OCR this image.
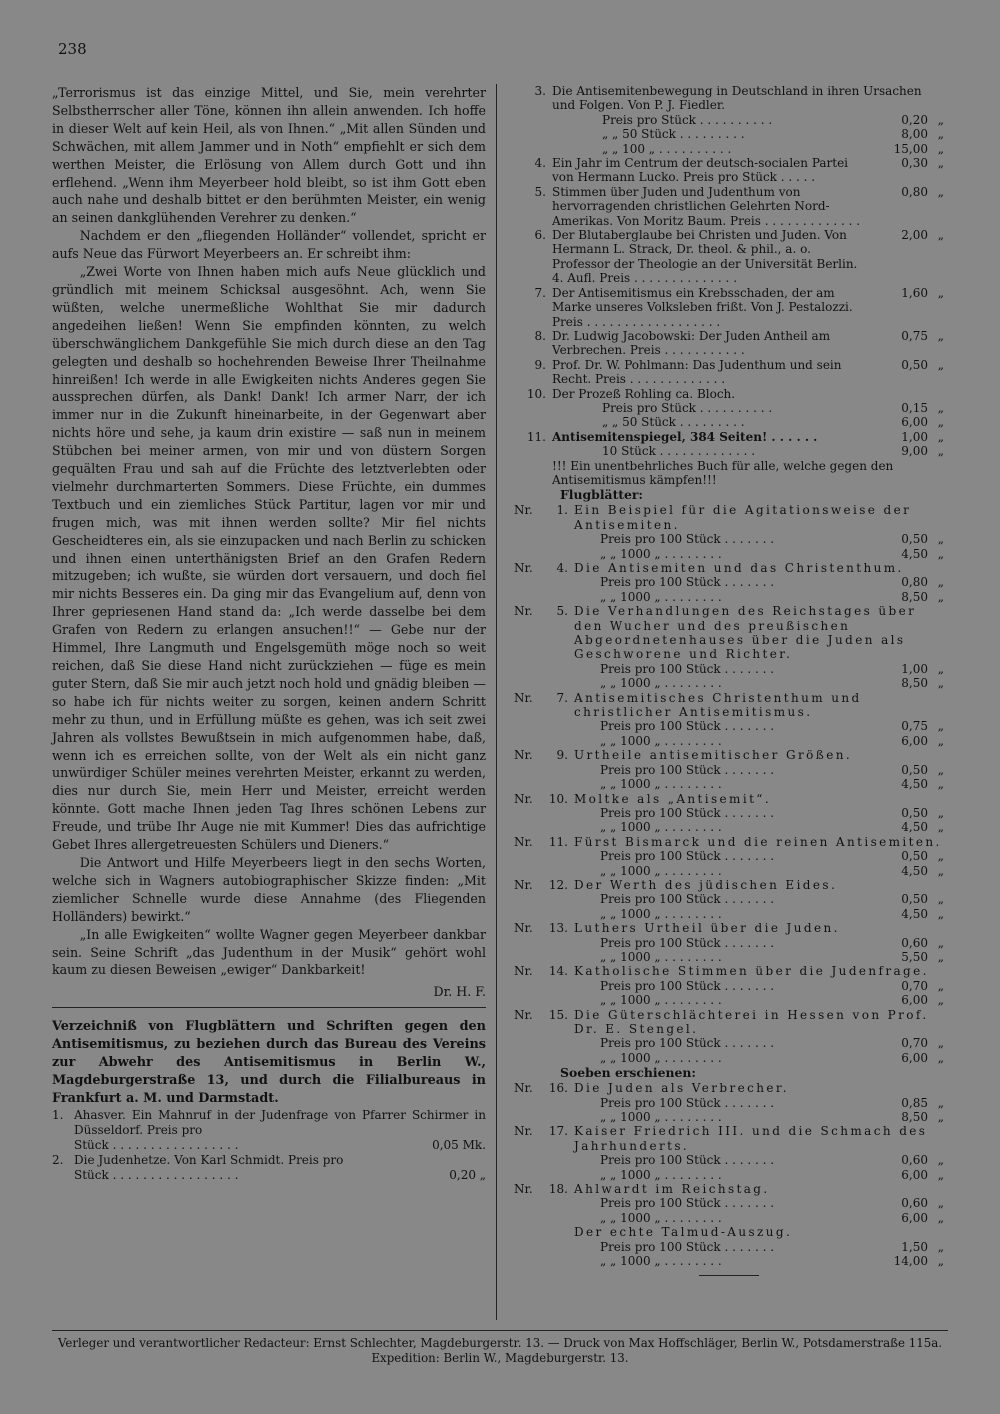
238

„Terrorismus ist das einzige Mittel, und Sie, mein verehrter Selbstherrscher aller Töne, können ihn allein anwenden. Ich hoffe in dieser Welt auf kein Heil, als von Ihnen.“ „Mit allen Sünden und Schwächen, mit allem Jammer und in Noth“ empfiehlt er sich dem werthen Meister, die Erlösung von Allem durch Gott und ihn erflehend. „Wenn ihm Meyerbeer hold bleibt, so ist ihm Gott eben auch nahe und deshalb bittet er den berühmten Meister, ein wenig an seinen dankglühenden Verehrer zu denken.“

Nachdem er den „fliegenden Holländer“ vollendet, spricht er aufs Neue das Fürwort Meyerbeers an. Er schreibt ihm:

„Zwei Worte von Ihnen haben mich aufs Neue glücklich und gründlich mit meinem Schicksal ausgesöhnt. Ach, wenn Sie wüßten, welche unermeßliche Wohlthat Sie mir dadurch angedeihen ließen! Wenn Sie empfinden könnten, zu welch überschwänglichem Dankgefühle Sie mich durch diese an den Tag gelegten und deshalb so hochehrenden Beweise Ihrer Theilnahme hinreißen! Ich werde in alle Ewigkeiten nichts Anderes gegen Sie aussprechen dürfen, als Dank! Dank! Ich armer Narr, der ich immer nur in die Zukunft hineinarbeite, in der Gegenwart aber nichts höre und sehe, ja kaum drin existire — saß nun in meinem Stübchen bei meiner armen, von mir und von düstern Sorgen gequälten Frau und sah auf die Früchte des letztverlebten oder vielmehr durchmarterten Sommers. Diese Früchte, ein dummes Textbuch und ein ziemliches Stück Partitur, lagen vor mir und frugen mich, was mit ihnen werden sollte? Mir fiel nichts Gescheidteres ein, als sie einzupacken und nach Berlin zu schicken und ihnen einen unterthänigsten Brief an den Grafen Redern mitzugeben; ich wußte, sie würden dort versauern, und doch fiel mir nichts Besseres ein. Da ging mir das Evangelium auf, denn von Ihrer gepriesenen Hand stand da: „Ich werde dasselbe bei dem Grafen von Redern zu erlangen ansuchen!!“ — Gebe nur der Himmel, Ihre Langmuth und Engelsgemüth möge noch so weit reichen, daß Sie diese Hand nicht zurückziehen — füge es mein guter Stern, daß Sie mir auch jetzt noch hold und gnädig bleiben — so habe ich für nichts weiter zu sorgen, keinen andern Schritt mehr zu thun, und in Erfüllung müßte es gehen, was ich seit zwei Jahren als vollstes Bewußtsein in mich aufgenommen habe, daß, wenn ich es erreichen sollte, von der Welt als ein nicht ganz unwürdiger Schüler meines verehrten Meister, erkannt zu werden, dies nur durch Sie, mein Herr und Meister, erreicht werden könnte. Gott mache Ihnen jeden Tag Ihres schönen Lebens zur Freude, und trübe Ihr Auge nie mit Kummer! Dies das aufrichtige Gebet Ihres allergetreuesten Schülers und Dieners.“

Die Antwort und Hilfe Meyerbeers liegt in den sechs Worten, welche sich in Wagners autobiographischer Skizze finden: „Mit ziemlicher Schnelle wurde diese Annahme (des Fliegenden Holländers) bewirkt.“

„In alle Ewigkeiten“ wollte Wagner gegen Meyerbeer dankbar sein. Seine Schrift „das Judenthum in der Musik“ gehört wohl kaum zu diesen Beweisen „ewiger“ Dankbarkeit!

Dr. H. F.

Verzeichniß von Flugblättern und Schriften gegen den Antisemitismus, zu beziehen durch das Bureau des Vereins zur Abwehr des Antisemitismus in Berlin W., Magdeburgerstraße 13, und durch die Filialbureaus in Frankfurt a. M. und Darmstadt.

1. Ahasver. Ein Mahnruf in der Judenfrage von Pfarrer Schirmer in Düsseldorf. Preis pro
Stück . . . . . . . . . . . . . . . . .	0,05 Mk.
2. Die Judenhetze. Von Karl Schmidt. Preis pro
Stück . . . . . . . . . . . . . . . . .	0,20 „
3. Die Antisemitenbewegung in Deutschland in ihren Ursachen und Folgen. Von P. J. Fiedler.
Preis pro Stück . . . . . . . . . .	0,20 „
„ „ 50 Stück . . . . . . . . .	8,00 „
„ „ 100 „ . . . . . . . . . .	15,00 „
4. Ein Jahr im Centrum der deutsch-socialen Partei von Hermann Lucko. Preis pro Stück . . . . .
0,30 „
5. Stimmen über Juden und Judenthum von hervorragenden christlichen Gelehrten Nord-Amerikas. Von Moritz Baum. Preis . . . . . . . . . . . . .
0,80 „
6. Der Blutaberglaube bei Christen und Juden. Von Hermann L. Strack, Dr. theol. & phil., a. o. Professor der Theologie an der Universität Berlin. 4. Aufl. Preis . . . . . . . . . . . . . .
2,00 „
7. Der Antisemitismus ein Krebsschaden, der am Marke unseres Volksleben frißt. Von J. Pestalozzi. Preis . . . . . . . . . . . . . . . . . .
1,60 „
8. Dr. Ludwig Jacobowski: Der Juden Antheil am Verbrechen. Preis . . . . . . . . . . .
0,75 „
9. Prof. Dr. W. Pohlmann: Das Judenthum und sein Recht. Preis . . . . . . . . . . . . .
0,50 „
10. Der Prozeß Rohling ca. Bloch.
Preis pro Stück . . . . . . . . . .	0,15 „
„ „ 50 Stück . . . . . . . . .	6,00 „
11. Antisemitenspiegel, 384 Seiten! . . . . . .	1,00 „
10 Stück . . . . . . . . . . . . .	9,00 „
!!! Ein unentbehrliches Buch für alle, welche gegen den Antisemitismus kämpfen!!!
Flugblätter:
Nr.	1. Ein Beispiel für die Agitationsweise der Antisemiten.
Preis pro 100 Stück . . . . . . .	0,50 „
„ „ 1000 „ . . . . . . . .	4,50 „
Nr.	4. Die Antisemiten und das Christenthum.
Preis pro 100 Stück . . . . . . .	0,80 „
„ „ 1000 „ . . . . . . . .	8,50 „
Nr.	5. Die Verhandlungen des Reichstages über den Wucher und des preußischen Abgeordnetenhauses über die Juden als Geschworene und Richter.
Preis pro 100 Stück . . . . . . .	1,00 „
„ „ 1000 „ . . . . . . . .	8,50 „
Nr.	7. Antisemitisches Christenthum und christlicher Antisemitismus.
Preis pro 100 Stück . . . . . . .	0,75 „
„ „ 1000 „ . . . . . . . .	6,00 „
Nr.	9. Urtheile antisemitischer Größen.
Preis pro 100 Stück . . . . . . .	0,50 „
„ „ 1000 „ . . . . . . . .	4,50 „
Nr.	10. Moltke als „Antisemit“.
Preis pro 100 Stück . . . . . . .	0,50 „
„ „ 1000 „ . . . . . . . .	4,50 „
Nr.	11. Fürst Bismarck und die reinen Antisemiten.
Preis pro 100 Stück . . . . . . .	0,50 „
„ „ 1000 „ . . . . . . . .	4,50 „
Nr.	12. Der Werth des jüdischen Eides.
Preis pro 100 Stück . . . . . . .	0,50 „
„ „ 1000 „ . . . . . . . .	4,50 „
Nr.	13. Luthers Urtheil über die Juden.
Preis pro 100 Stück . . . . . . .	0,60 „
„ „ 1000 „ . . . . . . . .	5,50 „
Nr.	14. Katholische Stimmen über die Judenfrage.
Preis pro 100 Stück . . . . . . .	0,70 „
„ „ 1000 „ . . . . . . . .	6,00 „
Nr.	15. Die Güterschlächterei in Hessen von Prof. Dr. E. Stengel.
Preis pro 100 Stück . . . . . . .	0,70 „
„ „ 1000 „ . . . . . . . .	6,00 „
Soeben erschienen:
Nr.	16. Die Juden als Verbrecher.
Preis pro 100 Stück . . . . . . .	0,85 „
„ „ 1000 „ . . . . . . . .	8,50 „
Nr.	17. Kaiser Friedrich III. und die Schmach des Jahrhunderts.
Preis pro 100 Stück . . . . . . .	0,60 „
„ „ 1000 „ . . . . . . . .	6,00 „
Nr.	18. Ahlwardt im Reichstag.
Preis pro 100 Stück . . . . . . .	0,60 „
„ „ 1000 „ . . . . . . . .	6,00 „
Der echte Talmud-Auszug.
Preis pro 100 Stück . . . . . . .	1,50 „
„ „ 1000 „ . . . . . . . .	14,00 „
Verleger und verantwortlicher Redacteur: Ernst Schlechter, Magdeburgerstr. 13. — Druck von Max Hoffschläger, Berlin W., Potsdamerstraße 115a.
Expedition: Berlin W., Magdeburgerstr. 13.
